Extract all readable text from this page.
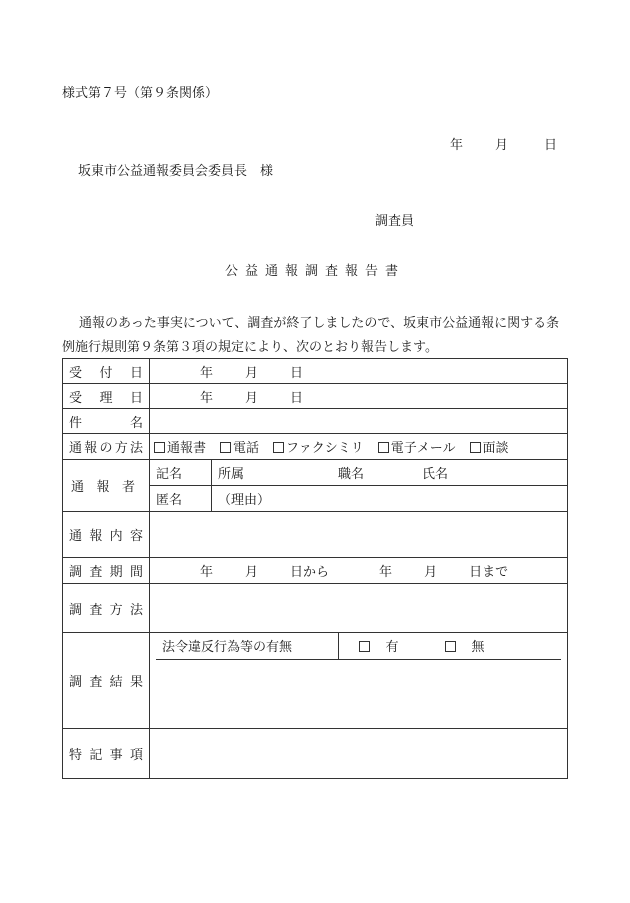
様式第７号（第９条関係）
年 月	日
坂東市公益通報委員会委員長　様
調査員
公益通報調査報告書
通報のあった事実について、調査が終了しましたので、坂東市公益通報に関する条例施行規則第９条第３項の規定により、次のとおり報告します。
受付日	年 月 日
受理日	年 月 日
件名	
通報の方法	通報書 電話 ファクシミリ 電子メール 面談
通報者	記名	所属	職名	氏名
匿名	（理由）
通報内容	
調査期間	年 月 日から	年 月 日まで
調査方法	
調査結果	
法令違反行為等の有無	有	無

特記事項	
